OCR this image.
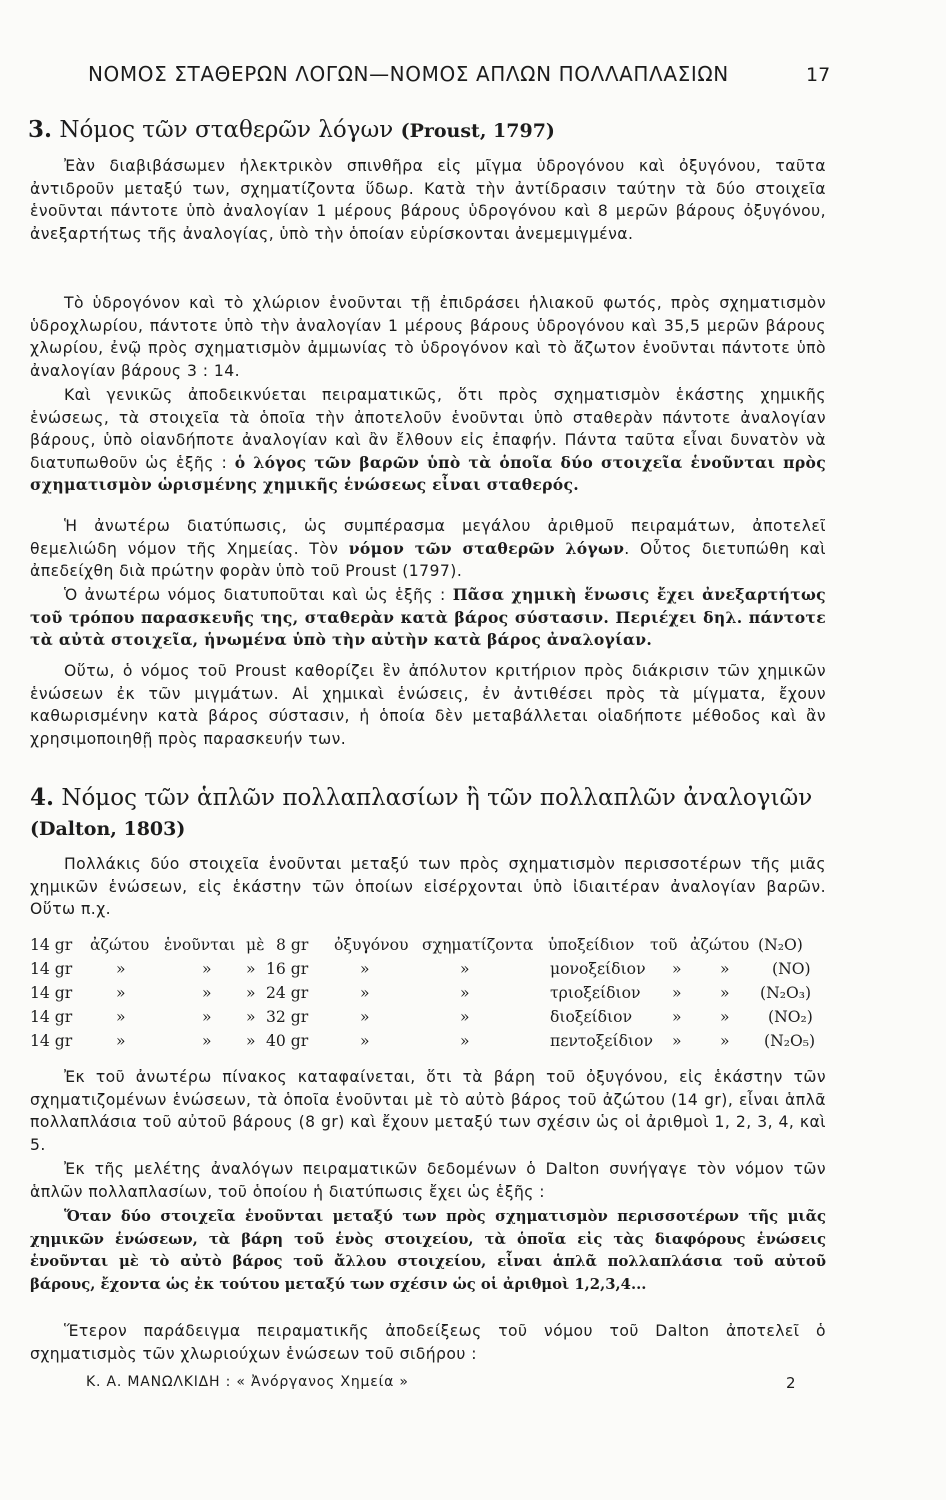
ΝΟΜΟΣ ΣΤΑΘΕΡΩΝ ΛΟΓΩΝ—ΝΟΜΟΣ ΑΠΛΩΝ ΠΟΛΛΑΠΛΑΣΙΩΝ	17
3. Νόμος τῶν σταθερῶν λόγων (Proust, 1797)
Ἐὰν διαβιβάσωμεν ἠλεκτρικὸν σπινθῆρα εἰς μῖγμα ὑδρογόνου καὶ ὀξυγόνου, ταῦτα ἀντιδροῦν μεταξύ των, σχηματίζοντα ὕδωρ. Κατὰ τὴν ἀντίδρασιν ταύτην τὰ δύο στοιχεῖα ἑνοῦνται πάντοτε ὑπὸ ἀναλογίαν 1 μέρους βάρους ὑδρογόνου καὶ 8 μερῶν βάρους ὀξυγόνου, ἀνεξαρτήτως τῆς ἀναλογίας, ὑπὸ τὴν ὁποίαν εὑρίσκονται ἀνεμεμιγμένα.
Τὸ ὑδρογόνον καὶ τὸ χλώριον ἑνοῦνται τῇ ἐπιδράσει ἡλιακοῦ φωτός, πρὸς σχηματισμὸν ὑδροχλωρίου, πάντοτε ὑπὸ τὴν ἀναλογίαν 1 μέρους βάρους ὑδρογόνου καὶ 35,5 μερῶν βάρους χλωρίου, ἐνῷ πρὸς σχηματισμὸν ἀμμωνίας τὸ ὑδρογόνον καὶ τὸ ἄζωτον ἑνοῦνται πάντοτε ὑπὸ ἀναλογίαν βάρους 3 : 14.
Καὶ γενικῶς ἀποδεικνύεται πειραματικῶς, ὅτι πρὸς σχηματισμὸν ἑκάστης χημικῆς ἑνώσεως, τὰ στοιχεῖα τὰ ὁποῖα τὴν ἀποτελοῦν ἑνοῦνται ὑπὸ σταθερὰν πάντοτε ἀναλογίαν βάρους, ὑπὸ οἱανδήποτε ἀναλογίαν καὶ ἂν ἔλθουν εἰς ἐπαφήν. Πάντα ταῦτα εἶναι δυνατὸν νὰ διατυπωθοῦν ὡς ἑξῆς : ὁ λόγος τῶν βαρῶν ὑπὸ τὰ ὁποῖα δύο στοιχεῖα ἑνοῦνται πρὸς σχηματισμὸν ὡρισμένης χημικῆς ἑνώσεως εἶναι σταθερός.
Ἡ ἀνωτέρω διατύπωσις, ὡς συμπέρασμα μεγάλου ἀριθμοῦ πειραμάτων, ἀποτελεῖ θεμελιώδη νόμον τῆς Χημείας. Τὸν νόμον τῶν σταθερῶν λόγων. Οὗτος διετυπώθη καὶ ἀπεδείχθη διὰ πρώτην φορὰν ὑπὸ τοῦ Proust (1797).
Ὁ ἀνωτέρω νόμος διατυποῦται καὶ ὡς ἑξῆς : Πᾶσα χημικὴ ἕνωσις ἔχει ἀνεξαρτήτως τοῦ τρόπου παρασκευῆς της, σταθερὰν κατὰ βάρος σύστασιν. Περιέχει δηλ. πάντοτε τὰ αὐτὰ στοιχεῖα, ἡνωμένα ὑπὸ τὴν αὐτὴν κατὰ βάρος ἀναλογίαν.
Οὕτω, ὁ νόμος τοῦ Proust καθορίζει ἓν ἀπόλυτον κριτήριον πρὸς διάκρισιν τῶν χημικῶν ἑνώσεων ἐκ τῶν μιγμάτων. Αἱ χημικαὶ ἑνώσεις, ἐν ἀντιθέσει πρὸς τὰ μίγματα, ἔχουν καθωρισμένην κατὰ βάρος σύστασιν, ἡ ὁποία δὲν μεταβάλλεται οἱαδήποτε μέθοδος καὶ ἂν χρησιμοποιηθῇ πρὸς παρασκευήν των.
4. Νόμος τῶν ἁπλῶν πολλαπλασίων ἢ τῶν πολλαπλῶν ἀναλογιῶν
(Dalton, 1803)
Πολλάκις δύο στοιχεῖα ἑνοῦνται μεταξύ των πρὸς σχηματισμὸν περισσοτέρων τῆς μιᾶς χημικῶν ἑνώσεων, εἰς ἑκάστην τῶν ὁποίων εἰσέρχονται ὑπὸ ἰδιαιτέραν ἀναλογίαν βαρῶν. Οὕτω π.χ.
14 gr ἀζώτου ἑνοῦνται μὲ 8 gr ὀξυγόνου σχηματίζοντα ὑποξείδιον τοῦ ἀζώτου (N₂O)
14 gr	»	» » 16 gr	»	»	μονοξείδιον » »	(NO)
14 gr	»	» » 24 gr	»	»	τριοξείδιον » » (N₂O₃)
14 gr	»	» » 32 gr	»	»	διοξείδιον	» » (NO₂)
14 gr	»	» » 40 gr	»	»	πεντοξείδιον » » (N₂O₅)
Ἐκ τοῦ ἀνωτέρω πίνακος καταφαίνεται, ὅτι τὰ βάρη τοῦ ὀξυγόνου, εἰς ἑκάστην τῶν σχηματιζομένων ἑνώσεων, τὰ ὁποῖα ἑνοῦνται μὲ τὸ αὐτὸ βάρος τοῦ ἀζώτου (14 gr), εἶναι ἁπλᾶ πολλαπλάσια τοῦ αὐτοῦ βάρους (8 gr) καὶ ἔχουν μεταξύ των σχέσιν ὡς οἱ ἀριθμοὶ 1, 2, 3, 4, καὶ 5.
Ἐκ τῆς μελέτης ἀναλόγων πειραματικῶν δεδομένων ὁ Dalton συνήγαγε τὸν νόμον τῶν ἁπλῶν πολλαπλασίων, τοῦ ὁποίου ἡ διατύπωσις ἔχει ὡς ἑξῆς :
Ὅταν δύο στοιχεῖα ἑνοῦνται μεταξύ των πρὸς σχηματισμὸν περισσοτέρων τῆς μιᾶς χημικῶν ἑνώσεων, τὰ βάρη τοῦ ἑνὸς στοιχείου, τὰ ὁποῖα εἰς τὰς διαφόρους ἑνώσεις ἑνοῦνται μὲ τὸ αὐτὸ βάρος τοῦ ἄλλου στοιχείου, εἶναι ἁπλᾶ πολλαπλάσια τοῦ αὐτοῦ βάρους, ἔχοντα ὡς ἐκ τούτου μεταξύ των σχέσιν ὡς οἱ ἀριθμοὶ 1,2,3,4...
Ἕτερον παράδειγμα πειραματικῆς ἀποδείξεως τοῦ νόμου τοῦ Dalton ἀποτελεῖ ὁ σχηματισμὸς τῶν χλωριούχων ἑνώσεων τοῦ σιδήρου :
Κ. Α. ΜΑΝΩΛΚΙΔΗ : « Ἀνόργανος Χημεία »	2
